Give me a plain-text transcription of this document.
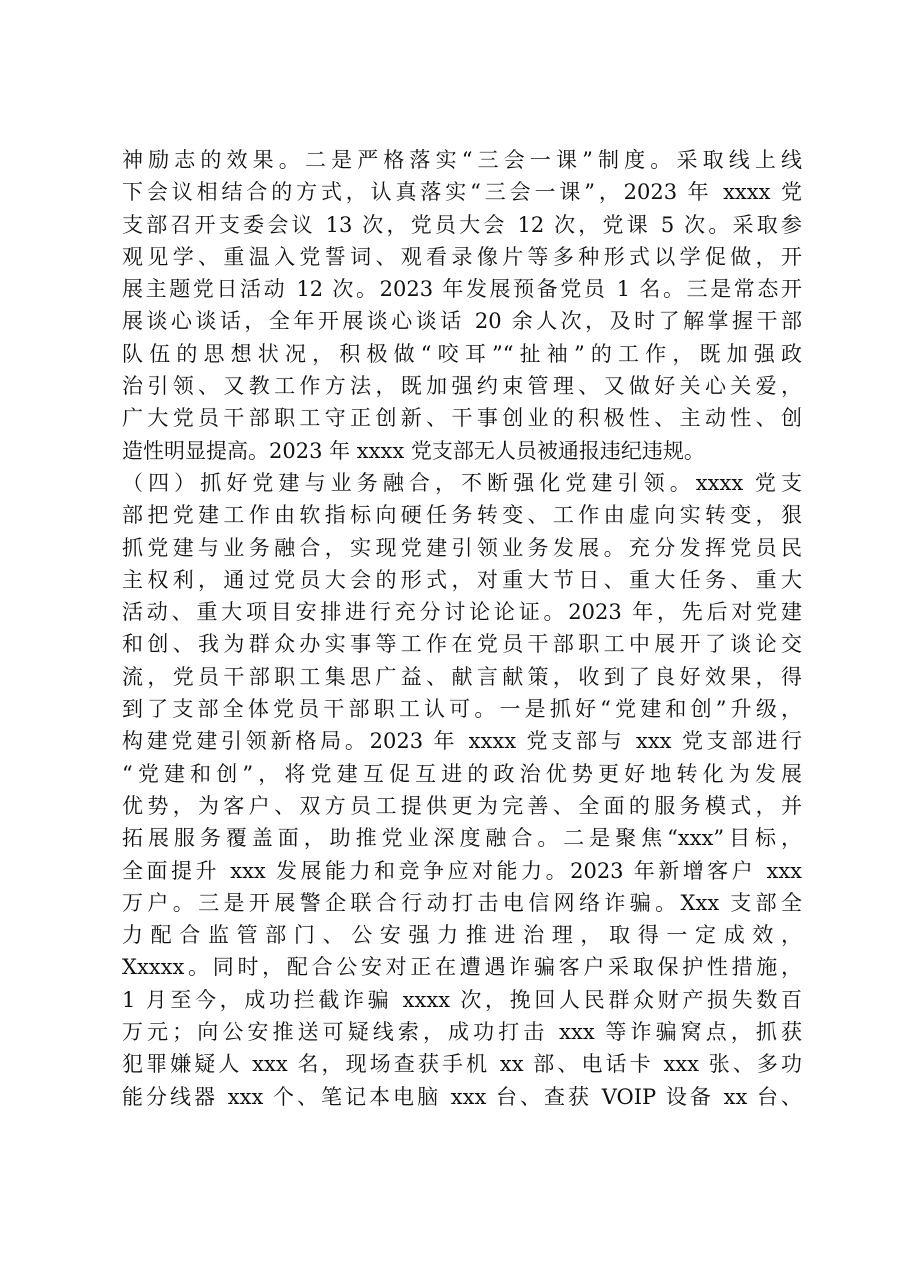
神励志的效果。二是严格落实“三会一课”制度。采取线上线
下会议相结合的方式，认真落实“三会一课”，2023 年 xxxx 党
支部召开支委会议 13 次，党员大会 12 次，党课 5 次。采取参
观见学、重温入党誓词、观看录像片等多种形式以学促做，开
展主题党日活动 12 次。2023 年发展预备党员 1 名。三是常态开
展谈心谈话，全年开展谈心谈话 20 余人次，及时了解掌握干部
队伍的思想状况，积极做“咬耳”“扯袖”的工作，既加强政
治引领、又教工作方法，既加强约束管理、又做好关心关爱，
广大党员干部职工守正创新、干事创业的积极性、主动性、创
造性明显提高。2023 年 xxxx 党支部无人员被通报违纪违规。
（四）抓好党建与业务融合，不断强化党建引领。xxxx 党支
部把党建工作由软指标向硬任务转变、工作由虚向实转变，狠
抓党建与业务融合，实现党建引领业务发展。充分发挥党员民
主权利，通过党员大会的形式，对重大节日、重大任务、重大
活动、重大项目安排进行充分讨论论证。2023 年，先后对党建
和创、我为群众办实事等工作在党员干部职工中展开了谈论交
流，党员干部职工集思广益、献言献策，收到了良好效果，得
到了支部全体党员干部职工认可。一是抓好“党建和创”升级，
构建党建引领新格局。2023 年 xxxx 党支部与 xxx 党支部进行
“党建和创”，将党建互促互进的政治优势更好地转化为发展
优势，为客户、双方员工提供更为完善、全面的服务模式，并
拓展服务覆盖面，助推党业深度融合。二是聚焦“xxx”目标，
全面提升 xxx 发展能力和竞争应对能力。2023 年新增客户 xxx
万户。三是开展警企联合行动打击电信网络诈骗。Xxx 支部全
力配合监管部门、公安强力推进治理，取得一定成效，
Xxxxx。同时，配合公安对正在遭遇诈骗客户采取保护性措施，
1 月至今，成功拦截诈骗 xxxx 次，挽回人民群众财产损失数百
万元；向公安推送可疑线索，成功打击 xxx 等诈骗窝点，抓获
犯罪嫌疑人 xxx 名，现场查获手机 xx 部、电话卡 xxx 张、多功
能分线器 xxx 个、笔记本电脑 xxx 台、查获 VOIP 设备 xx 台、
